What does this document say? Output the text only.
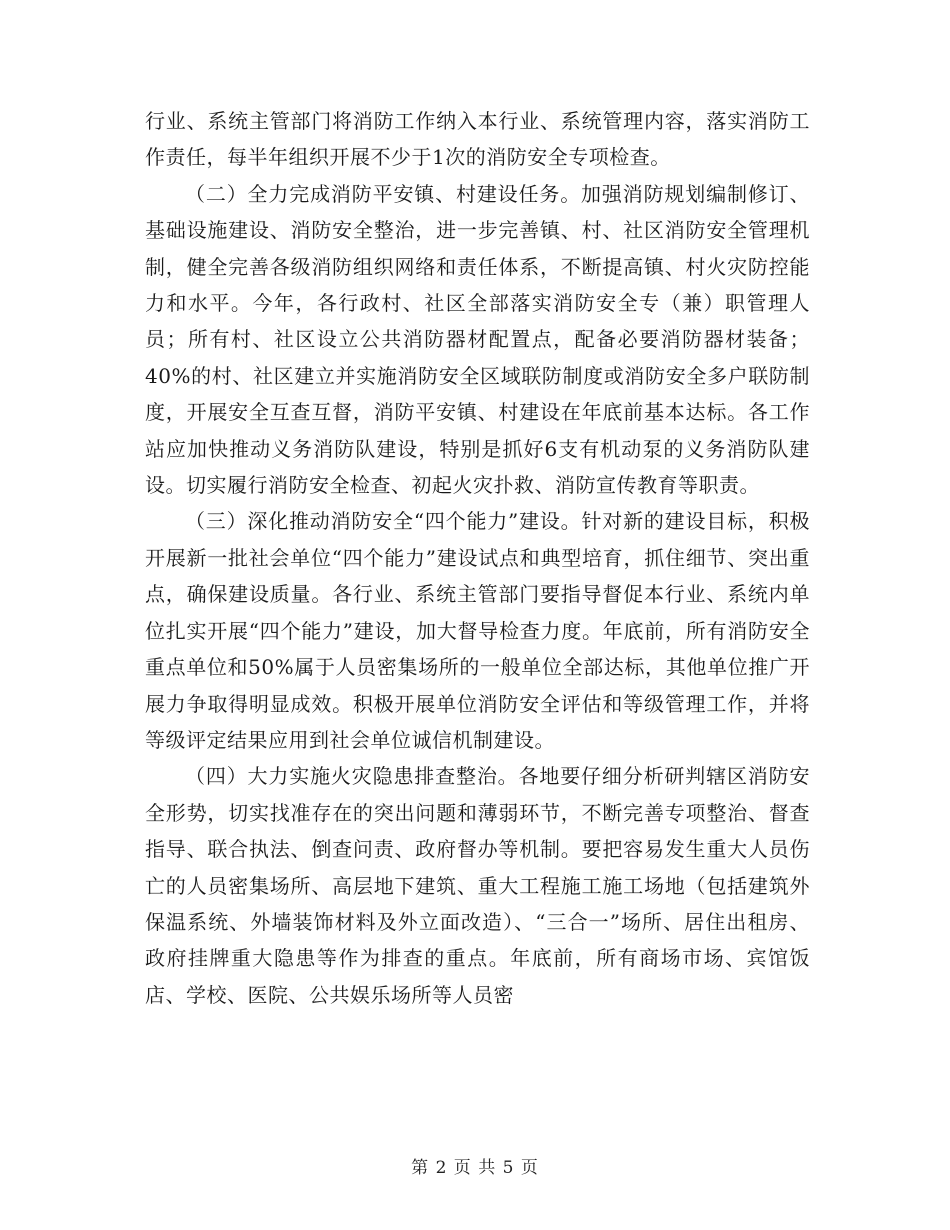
行业、系统主管部门将消防工作纳入本行业、系统管理内容，落实消防工作责任，每半年组织开展不少于1次的消防安全专项检查。

（二）全力完成消防平安镇、村建设任务。加强消防规划编制修订、基础设施建设、消防安全整治，进一步完善镇、村、社区消防安全管理机制，健全完善各级消防组织网络和责任体系，不断提高镇、村火灾防控能力和水平。今年，各行政村、社区全部落实消防安全专（兼）职管理人员；所有村、社区设立公共消防器材配置点，配备必要消防器材装备；40%的村、社区建立并实施消防安全区域联防制度或消防安全多户联防制度，开展安全互查互督，消防平安镇、村建设在年底前基本达标。各工作站应加快推动义务消防队建设，特别是抓好6支有机动泵的义务消防队建设。切实履行消防安全检查、初起火灾扑救、消防宣传教育等职责。

（三）深化推动消防安全“四个能力”建设。针对新的建设目标，积极开展新一批社会单位“四个能力”建设试点和典型培育，抓住细节、突出重点，确保建设质量。各行业、系统主管部门要指导督促本行业、系统内单位扎实开展“四个能力”建设，加大督导检查力度。年底前，所有消防安全重点单位和50%属于人员密集场所的一般单位全部达标，其他单位推广开展力争取得明显成效。积极开展单位消防安全评估和等级管理工作，并将等级评定结果应用到社会单位诚信机制建设。

（四）大力实施火灾隐患排查整治。各地要仔细分析研判辖区消防安全形势，切实找准存在的突出问题和薄弱环节，不断完善专项整治、督查指导、联合执法、倒查问责、政府督办等机制。要把容易发生重大人员伤亡的人员密集场所、高层地下建筑、重大工程施工施工场地（包括建筑外保温系统、外墙装饰材料及外立面改造）、“三合一”场所、居住出租房、政府挂牌重大隐患等作为排查的重点。年底前，所有商场市场、宾馆饭店、学校、医院、公共娱乐场所等人员密

第 2 页 共 5 页
